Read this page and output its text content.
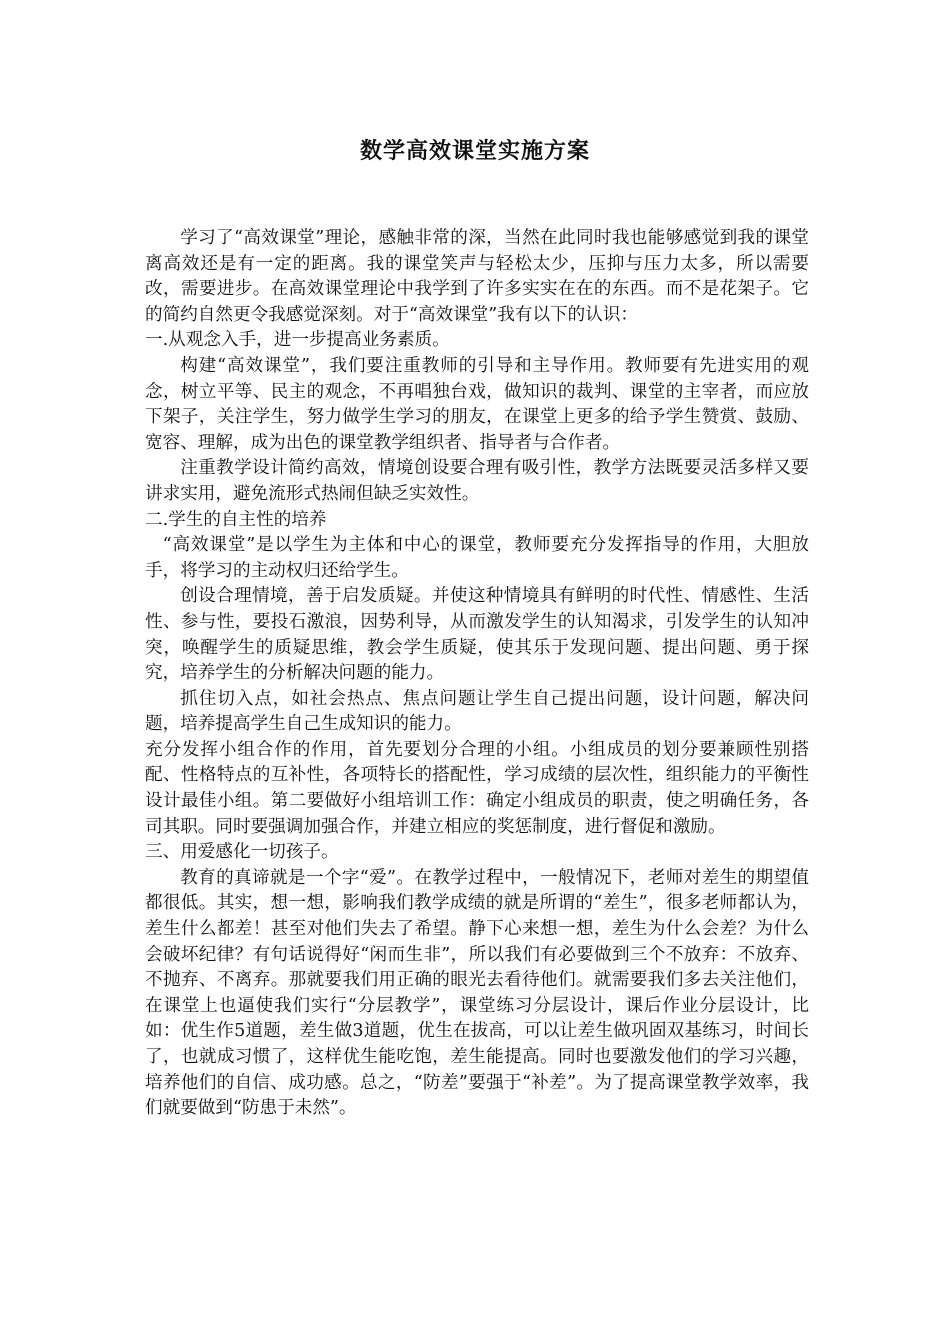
数学高效课堂实施方案

学习了“高效课堂”理论，感触非常的深，当然在此同时我也能够感觉到我的课堂离高效还是有一定的距离。我的课堂笑声与轻松太少，压抑与压力太多，所以需要改，需要进步。在高效课堂理论中我学到了许多实实在在的东西。而不是花架子。它的简约自然更令我感觉深刻。对于“高效课堂”我有以下的认识：

一.从观念入手，进一步提高业务素质。

构建“高效课堂”，我们要注重教师的引导和主导作用。教师要有先进实用的观念，树立平等、民主的观念，不再唱独台戏，做知识的裁判、课堂的主宰者，而应放下架子，关注学生，努力做学生学习的朋友，在课堂上更多的给予学生赞赏、鼓励、宽容、理解，成为出色的课堂教学组织者、指导者与合作者。

注重教学设计简约高效，情境创设要合理有吸引性，教学方法既要灵活多样又要讲求实用，避免流形式热闹但缺乏实效性。

二.学生的自主性的培养

“高效课堂”是以学生为主体和中心的课堂，教师要充分发挥指导的作用，大胆放手，将学习的主动权归还给学生。

创设合理情境，善于启发质疑。并使这种情境具有鲜明的时代性、情感性、生活性、参与性，要投石激浪，因势利导，从而激发学生的认知渴求，引发学生的认知冲突，唤醒学生的质疑思维，教会学生质疑，使其乐于发现问题、提出问题、勇于探究，培养学生的分析解决问题的能力。

抓住切入点，如社会热点、焦点问题让学生自己提出问题，设计问题，解决问题，培养提高学生自己生成知识的能力。

充分发挥小组合作的作用，首先要划分合理的小组。小组成员的划分要兼顾性别搭配、性格特点的互补性，各项特长的搭配性，学习成绩的层次性，组织能力的平衡性设计最佳小组。第二要做好小组培训工作：确定小组成员的职责，使之明确任务，各司其职。同时要强调加强合作，并建立相应的奖惩制度，进行督促和激励。

三、用爱感化一切孩子。

教育的真谛就是一个字“爱”。在教学过程中，一般情况下，老师对差生的期望值都很低。其实，想一想，影响我们教学成绩的就是所谓的“差生”，很多老师都认为，差生什么都差！甚至对他们失去了希望。静下心来想一想，差生为什么会差？为什么会破坏纪律？有句话说得好“闲而生非”，所以我们有必要做到三个不放弃：不放弃、不抛弃、不离弃。那就要我们用正确的眼光去看待他们。就需要我们多去关注他们，在课堂上也逼使我们实行“分层教学”，课堂练习分层设计，课后作业分层设计，比如：优生作5道题，差生做3道题，优生在拔高，可以让差生做巩固双基练习，时间长了，也就成习惯了，这样优生能吃饱，差生能提高。同时也要激发他们的学习兴趣，培养他们的自信、成功感。总之，“防差”要强于“补差”。为了提高课堂教学效率，我们就要做到“防患于未然”。
